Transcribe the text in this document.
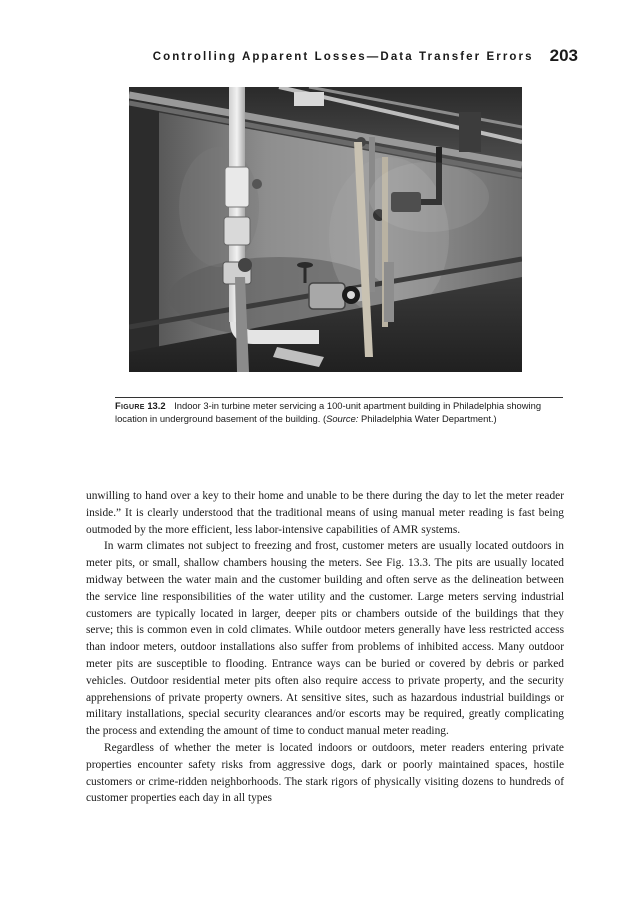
Controlling Apparent Losses—Data Transfer Errors 203
Figure 13.2 Indoor 3-in turbine meter servicing a 100-unit apartment building in Philadelphia showing location in underground basement of the building. (Source: Philadelphia Water Department.)

unwilling to hand over a key to their home and unable to be there during the day to let the meter reader inside.” It is clearly understood that the traditional means of using manual meter reading is fast being outmoded by the more efficient, less labor-intensive capabilities of AMR systems.

In warm climates not subject to freezing and frost, customer meters are usually located outdoors in meter pits, or small, shallow chambers housing the meters. See Fig. 13.3. The pits are usually located midway between the water main and the customer building and often serve as the delineation between the service line responsibilities of the water utility and the customer. Large meters serving industrial customers are typically located in larger, deeper pits or chambers outside of the buildings that they serve; this is common even in cold climates. While outdoor meters generally have less restricted access than indoor meters, outdoor installations also suffer from problems of inhibited access. Many outdoor meter pits are susceptible to flooding. Entrance ways can be buried or covered by debris or parked vehicles. Outdoor residential meter pits often also require access to private property, and the security apprehensions of private property owners. At sensitive sites, such as hazardous industrial buildings or military installations, special security clearances and/or escorts may be required, greatly complicating the process and extending the amount of time to conduct manual meter reading.

Regardless of whether the meter is located indoors or outdoors, meter readers entering private properties encounter safety risks from aggressive dogs, dark or poorly maintained spaces, hostile customers or crime-ridden neighborhoods. The stark rigors of physically visiting dozens to hundreds of customer properties each day in all types
